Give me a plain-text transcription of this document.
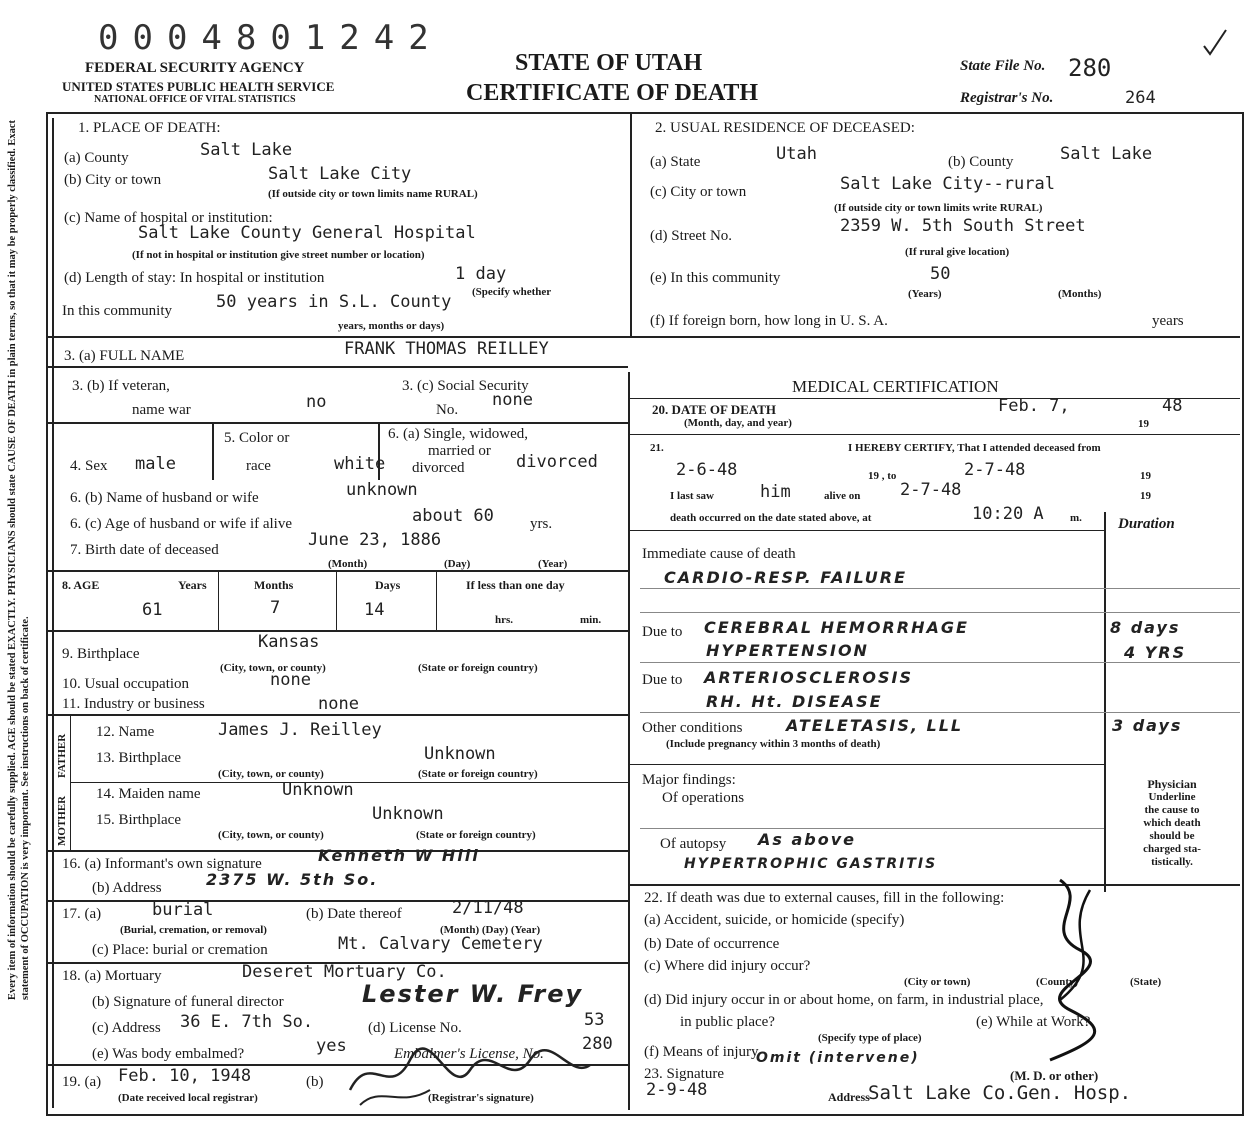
Every item of information should be carefully supplied. AGE should be stated EXACTLY. PHYSICIANS should state CAUSE OF DEATH in plain terms, so that it may be properly classified. Exact statement of OCCUPATION is very important. See instructions on back of certificate.
0004801242
FEDERAL SECURITY AGENCY
UNITED STATES PUBLIC HEALTH SERVICE
NATIONAL OFFICE OF VITAL STATISTICS
STATE OF UTAH
CERTIFICATE OF DEATH
State File No. 280
Registrar's No.	264
1. PLACE OF DEATH:
(a) County	Salt Lake
(b) City or town	Salt Lake City
(If outside city or town limits name RURAL)
(c) Name of hospital or institution:
Salt Lake County General Hospital
(If not in hospital or institution give street number or location)
(d) Length of stay: In hospital or institution	1 day
(Specify whether
In this community	50 years in S.L. County
years, months or days)
2. USUAL RESIDENCE OF DECEASED:
(a) State	Utah	(b) County	Salt Lake
(c) City or town	Salt Lake City--rural
(If outside city or town limits write RURAL)
(d) Street No.	2359 W. 5th South Street
(If rural give location)
(e) In this community	50
(Years)	(Months)
(f) If foreign born, how long in U. S. A.	years
3. (a) FULL NAME	FRANK THOMAS REILLEY
3. (b) If veteran,
name war	no
3. (c) Social Security
No. none
4. Sex male
5. Color or
race	white
6. (a) Single, widowed,
married or
divorced	divorced
6. (b) Name of husband or wife	unknown
6. (c) Age of husband or wife if alive	about 60 yrs.
7. Birth date of deceased	June 23, 1886
(Month)	(Day)	(Year)
8. AGE	Years	Months	Days	If less than one day
61	7	14	hrs.	min.
9. Birthplace
Kansas
(City, town, or county)	(State or foreign country)
10. Usual occupation	none
11. Industry or business	none
FATHER
MOTHER
12. Name	James J. Reilley
13. Birthplace	Unknown
(City, town, or county)	(State or foreign country)
14. Maiden name	Unknown
15. Birthplace	Unknown
(City, town, or county)	(State or foreign country)
16. (a) Informant's own signature	Kenneth W Hill
(b) Address	2375 W. 5th So.
17. (a)	burial
(Burial, cremation, or removal)
(b) Date thereof	2/11/48
(Month) (Day) (Year)
(c) Place: burial or cremation	Mt. Calvary Cemetery
18. (a) Mortuary	Deseret Mortuary Co.
(b) Signature of funeral director	Lester W. Frey
(c) Address 36 E. 7th So.	(d) License No.	53
(e) Was body embalmed?	yes	Embalmer's License, No. 280
19. (a) Feb. 10, 1948
(Date received local registrar)
(b)
(Registrar's signature)
MEDICAL CERTIFICATION
20. DATE OF DEATH
(Month, day, and year)
Feb. 7,
19
48
21.	I HEREBY CERTIFY, That I attended deceased from
2-6-48	19 , to	2-7-48	19
I last saw	him	alive on 2-7-48	19
death occurred on the date stated above, at	10:20 A m. Duration
Immediate cause of death
CARDIO-RESP. FAILURE
Due to CEREBRAL HEMORRHAGE	8 days
HYPERTENSION	4 YRS
Due to ARTERIOSCLEROSIS
RH. Ht. DISEASE
Other conditions	ATELETASIS, LLL	3 days
(Include pregnancy within 3 months of death)
Major findings:
Of operations
Of autopsy As above
HYPERTROPHIC GASTRITIS
Physician
Underline
the cause to
which death
should be
charged sta-
tistically.
22. If death was due to external causes, fill in the following:
(a) Accident, suicide, or homicide (specify)
(b) Date of occurrence
(c) Where did injury occur?
(City or town)	(County)	(State)
(d) Did injury occur in or about home, on farm, in industrial place,
in public place?
(Specify type of place)
(e) While at Work?
(f) Means of injury
Omit (intervene)
23. Signature	(M. D. or other)
2-9-48	Address
Salt Lake Co.Gen. Hosp.
